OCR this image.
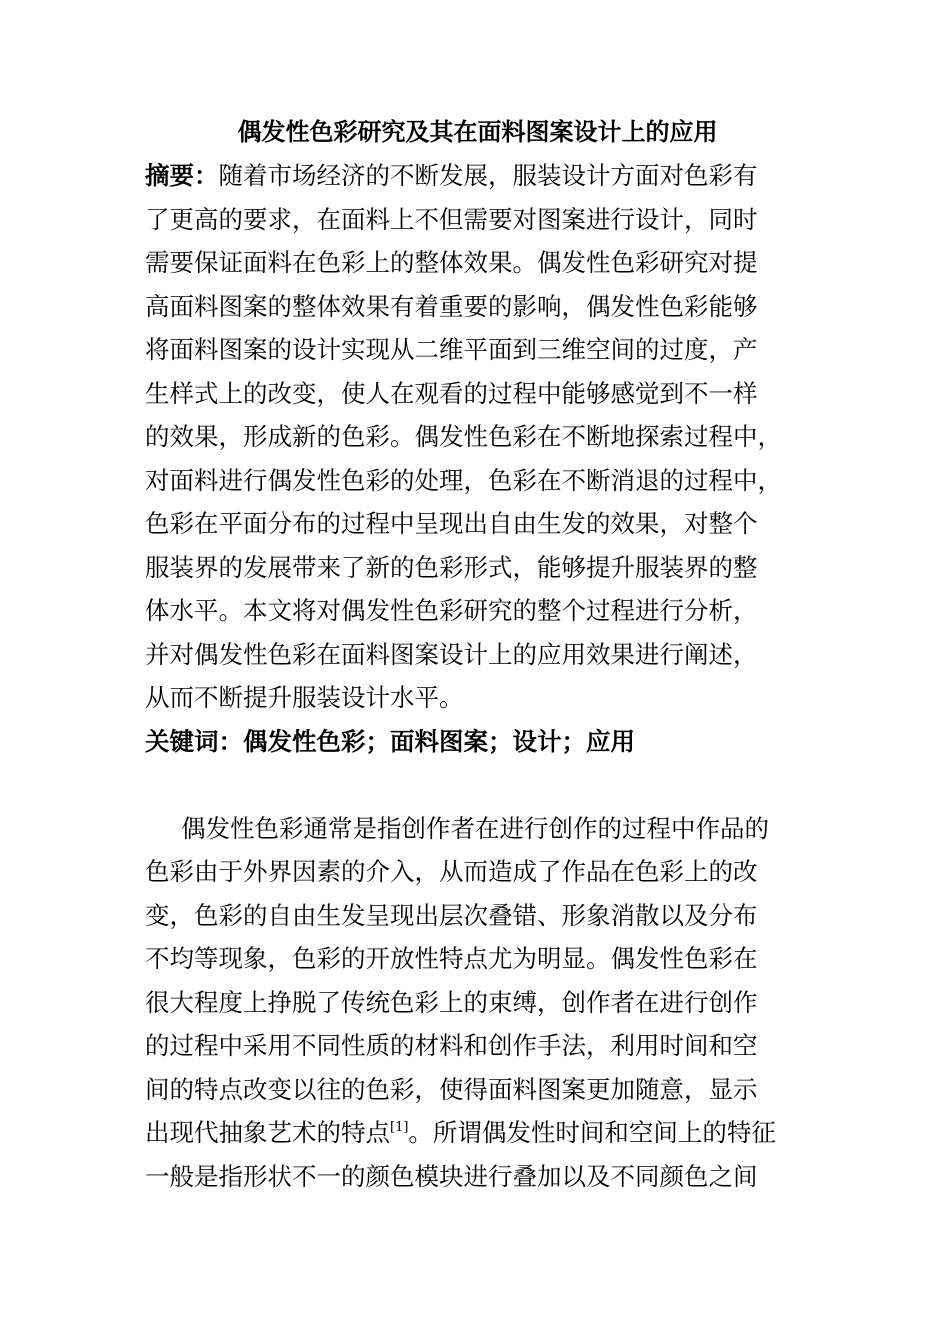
偶发性色彩研究及其在面料图案设计上的应用

摘要：随着市场经济的不断发展，服装设计方面对色彩有

了更高的要求，在面料上不但需要对图案进行设计，同时

需要保证面料在色彩上的整体效果。偶发性色彩研究对提

高面料图案的整体效果有着重要的影响，偶发性色彩能够

将面料图案的设计实现从二维平面到三维空间的过度，产

生样式上的改变，使人在观看的过程中能够感觉到不一样

的效果，形成新的色彩。偶发性色彩在不断地探索过程中，

对面料进行偶发性色彩的处理，色彩在不断消退的过程中，

色彩在平面分布的过程中呈现出自由生发的效果，对整个

服装界的发展带来了新的色彩形式，能够提升服装界的整

体水平。本文将对偶发性色彩研究的整个过程进行分析，

并对偶发性色彩在面料图案设计上的应用效果进行阐述，

从而不断提升服装设计水平。

关键词：偶发性色彩；面料图案；设计；应用

偶发性色彩通常是指创作者在进行创作的过程中作品的

色彩由于外界因素的介入，从而造成了作品在色彩上的改

变，色彩的自由生发呈现出层次叠错、形象消散以及分布

不均等现象，色彩的开放性特点尤为明显。偶发性色彩在

很大程度上挣脱了传统色彩上的束缚，创作者在进行创作

的过程中采用不同性质的材料和创作手法，利用时间和空

间的特点改变以往的色彩，使得面料图案更加随意，显示

出现代抽象艺术的特点[1]。所谓偶发性时间和空间上的特征

一般是指形状不一的颜色模块进行叠加以及不同颜色之间
